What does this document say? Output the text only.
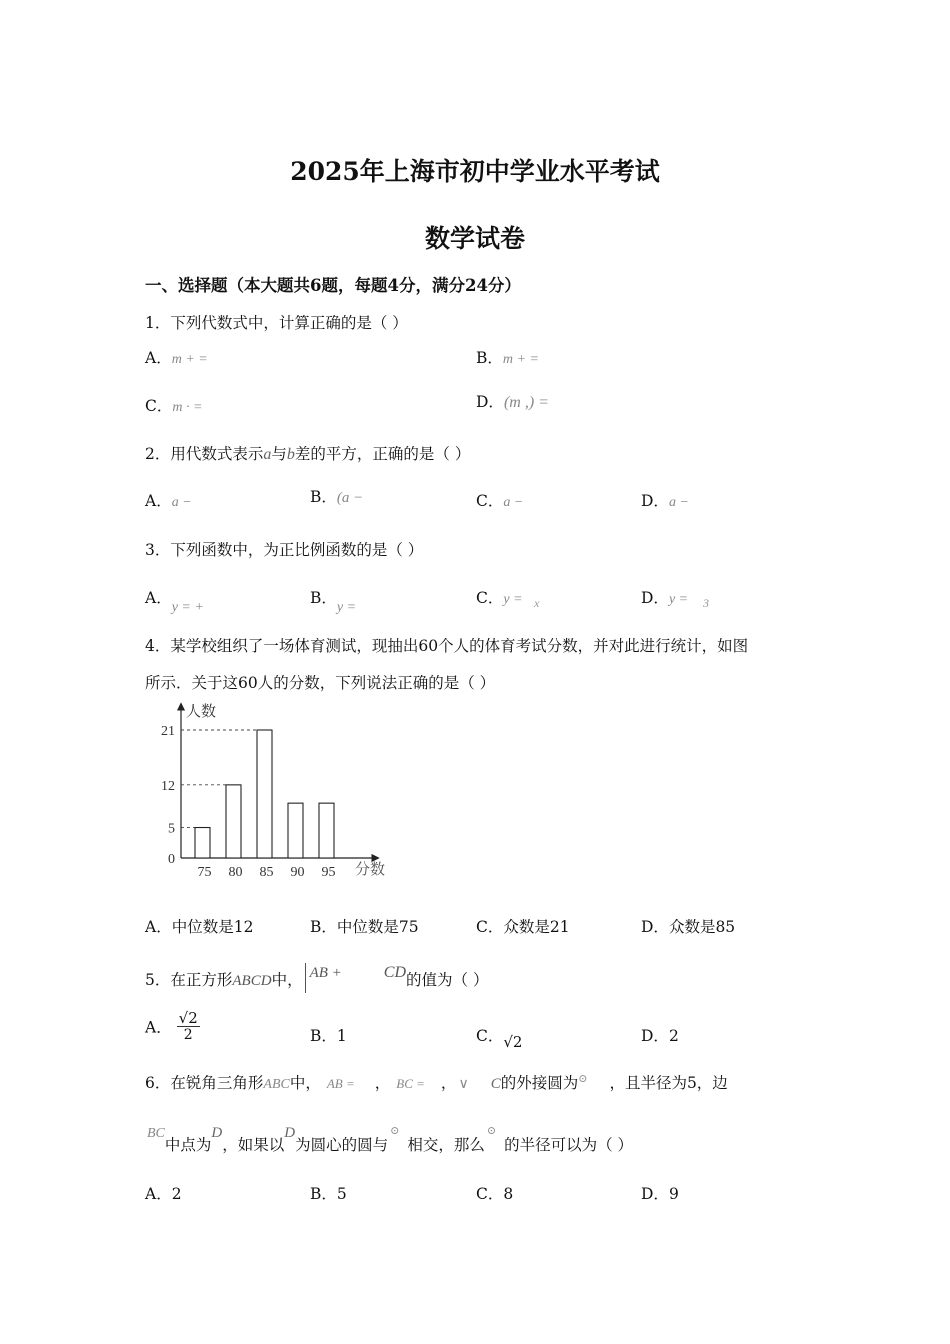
2025年上海市初中学业水平考试
数学试卷
一、选择题（本大题共6题，每题4分，满分24分）
1．下列代数式中，计算正确的是（ ）
A．m + =	B．m + =
C．m · =	D．(m ,) =
2．用代数式表示a与b差的平方，正确的是（ ）
A．a −	B．(a −	C．a −	D．a −
3．下列函数中，为正比例函数的是（ ）
A．y = +
B．y =
C．y = x	D．y = 3
4．某学校组织了一场体育测试，现抽出60个人的体育考试分数，并对此进行统计，如图
所示．关于这60人的分数，下列说法正确的是（ ）
人数
分数
0
5
12
21
75 80 85 90 95
A．中位数是12	B．中位数是75	C．众数是21	D．众数是85
5．在正方形ABCD中， AB +	CD的值为（ ）
A． $\frac{√2}{2}$	B．1	C．√2	D．2
6．在锐角三角形ABC中， AB = ， BC = ， ∨ C的外接圆为⊙ ，且半径为5，边
BC中点为D，如果以D为圆心的圆与⊙相交，那么⊙的半径可以为（ ）
A．2	B．5	C．8	D．9
